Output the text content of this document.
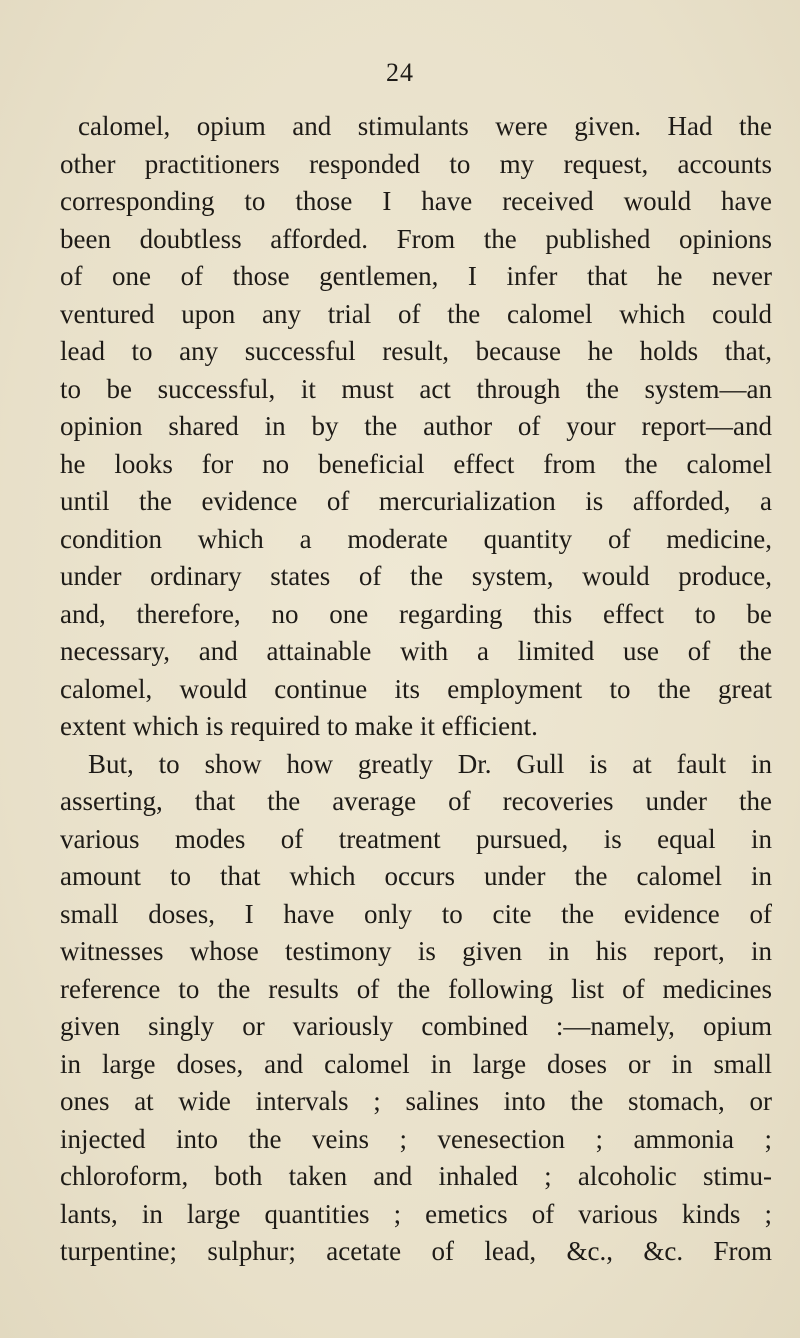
24
calomel, opium and stimulants were given. Had the
other practitioners responded to my request, accounts
corresponding to those I have received would have
been doubtless afforded. From the published opinions
of one of those gentlemen, I infer that he never
ventured upon any trial of the calomel which could
lead to any successful result, because he holds that,
to be successful, it must act through the system—an
opinion shared in by the author of your report—and
he looks for no beneficial effect from the calomel
until the evidence of mercurialization is afforded, a
condition which a moderate quantity of medicine,
under ordinary states of the system, would produce,
and, therefore, no one regarding this effect to be
necessary, and attainable with a limited use of the
calomel, would continue its employment to the great
extent which is required to make it efficient.
But, to show how greatly Dr. Gull is at fault in
asserting, that the average of recoveries under the
various modes of treatment pursued, is equal in
amount to that which occurs under the calomel in
small doses, I have only to cite the evidence of
witnesses whose testimony is given in his report, in
reference to the results of the following list of medicines
given singly or variously combined :—namely, opium
in large doses, and calomel in large doses or in small
ones at wide intervals ; salines into the stomach, or
injected into the veins ; venesection ; ammonia ;
chloroform, both taken and inhaled ; alcoholic stimu-
lants, in large quantities ; emetics of various kinds ;
turpentine; sulphur; acetate of lead, &c., &c. From
